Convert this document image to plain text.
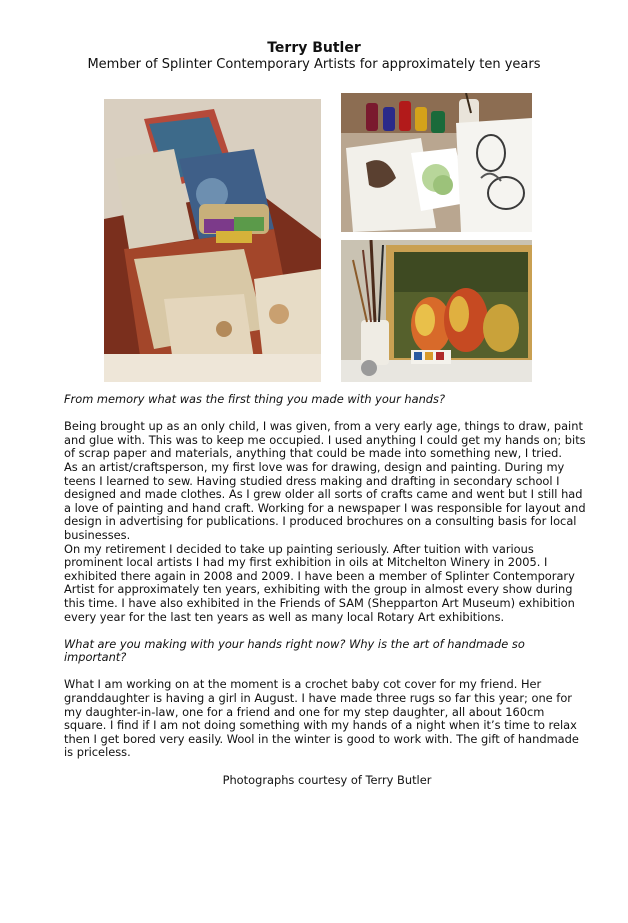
Terry Butler
Member of Splinter Contemporary Artists for approximately ten years

From memory what was the first thing you made with your hands?

Being brought up as an only child, I was given, from a very early age, things to draw, paint and glue with. This was to keep me occupied. I used anything I could get my hands on; bits of scrap paper and materials, anything that could be made into something new, I tried.

As an artist/craftsperson, my first love was for drawing, design and painting. During my teens I learned to sew. Having studied dress making and drafting in secondary school I designed and made clothes. As I grew older all sorts of crafts came and went but I still had a love of painting and hand craft. Working for a newspaper I was responsible for layout and design in advertising for publications. I produced brochures on a consulting basis for local businesses.

On my retirement I decided to take up painting seriously. After tuition with various prominent local artists I had my first exhibition in oils at Mitchelton Winery in 2005. I exhibited there again in 2008 and 2009. I have been a member of Splinter Contemporary Artist for approximately ten years, exhibiting with the group in almost every show during this time. I have also exhibited in the Friends of SAM (Shepparton Art Museum) exhibition every year for the last ten years as well as many local Rotary Art exhibitions.

What are you making with your hands right now? Why is the art of handmade so important?

What I am working on at the moment is a crochet baby cot cover for my friend. Her granddaughter is having a girl in August. I have made three rugs so far this year; one for my daughter-in-law, one for a friend and one for my step daughter, all about 160cm square. I find if I am not doing something with my hands of a night when it’s time to relax then I get bored very easily. Wool in the winter is good to work with. The gift of handmade is priceless.

Photographs courtesy of Terry Butler
